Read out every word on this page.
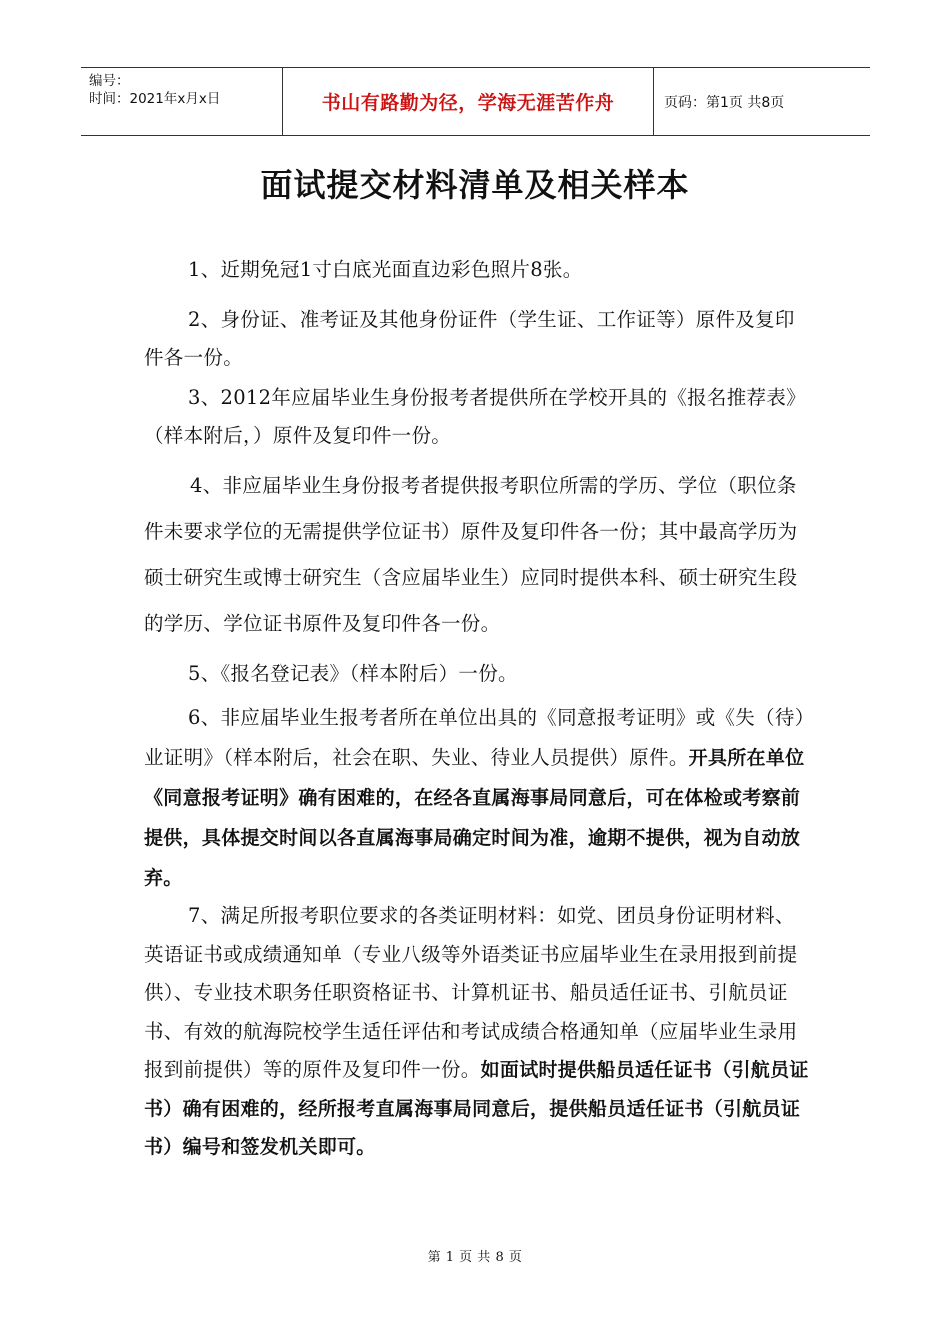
编号：
时间：2021年x月x日	书山有路勤为径，学海无涯苦作舟	页码：第1页 共8页
面试提交材料清单及相关样本

1、近期免冠1寸白底光面直边彩色照片8张。

2、身份证、准考证及其他身份证件（学生证、工作证等）原件及复印件各一份。

3、2012年应届毕业生身份报考者提供所在学校开具的《报名推荐表》（样本附后，）原件及复印件一份。

4、非应届毕业生身份报考者提供报考职位所需的学历、学位（职位条件未要求学位的无需提供学位证书）原件及复印件各一份；其中最高学历为硕士研究生或博士研究生（含应届毕业生）应同时提供本科、硕士研究生段的学历、学位证书原件及复印件各一份。

5、《报名登记表》（样本附后）一份。

6、非应届毕业生报考者所在单位出具的《同意报考证明》或《失（待）业证明》（样本附后，社会在职、失业、待业人员提供）原件。开具所在单位《同意报考证明》确有困难的，在经各直属海事局同意后，可在体检或考察前提供，具体提交时间以各直属海事局确定时间为准，逾期不提供，视为自动放弃。

7、满足所报考职位要求的各类证明材料：如党、团员身份证明材料、英语证书或成绩通知单（专业八级等外语类证书应届毕业生在录用报到前提供）、专业技术职务任职资格证书、计算机证书、船员适任证书、引航员证书、有效的航海院校学生适任评估和考试成绩合格通知单（应届毕业生录用报到前提供）等的原件及复印件一份。如面试时提供船员适任证书（引航员证书）确有困难的，经所报考直属海事局同意后，提供船员适任证书（引航员证书）编号和签发机关即可。

第 1 页 共 8 页
